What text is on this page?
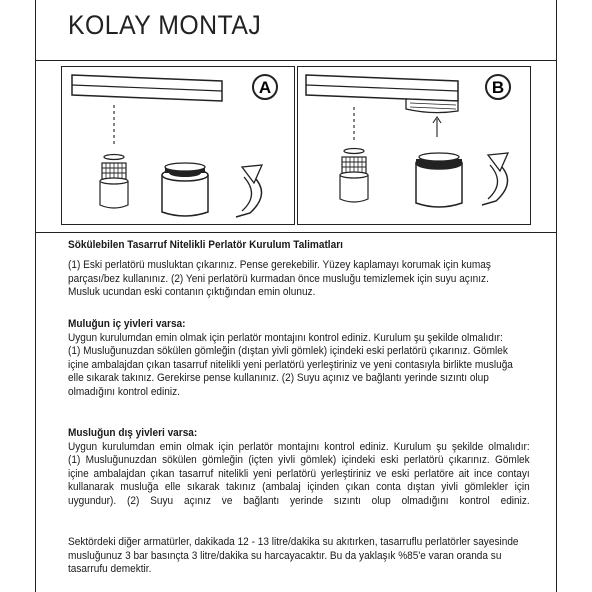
KOLAY MONTAJ
A	B
Sökülebilen Tasarruf Nitelikli Perlatör Kurulum Talimatları
(1) Eski perlatörü musluktan çıkarınız. Pense gerekebilir. Yüzey kaplamayı korumak için kumaş
parçası/bez kullanınız. (2) Yeni perlatörü kurmadan önce musluğu temizlemek için suyu açınız.
Musluk ucundan eski contanın çıktığından emin olunuz.
Muluğun iç yivleri varsa:
Uygun kurulumdan emin olmak için perlatör montajını kontrol ediniz. Kurulum şu şekilde olmalıdır:
(1) Musluğunuzdan sökülen gömleğin (dıştan yivli gömlek) içindeki eski perlatörü çıkarınız. Gömlek
içine ambalajdan çıkan tasarruf nitelikli yeni perlatörü yerleştiriniz ve yeni contasıyla birlikte musluğa
elle sıkarak takınız. Gerekirse pense kullanınız. (2) Suyu açınız ve bağlantı yerinde sızıntı olup
olmadığını kontrol ediniz.
Musluğun dış yivleri varsa:
Uygun kurulumdan emin olmak için perlatör montajını kontrol ediniz. Kurulum şu şekilde olmalıdır:
(1) Musluğunuzdan sökülen gömleğin (içten yivli gömlek) içindeki eski perlatörü çıkarınız. Gömlek
içine ambalajdan çıkan tasarruf nitelikli yeni perlatörü yerleştiriniz ve eski perlatöre ait ince contayı
kullanarak musluğa elle sıkarak takınız (ambalaj içinden çıkan conta dıştan yivli gömlekler için
uygundur). (2) Suyu açınız ve bağlantı yerinde sızıntı olup olmadığını kontrol ediniz.
Sektördeki diğer armatürler, dakikada 12 - 13 litre/dakika su akıtırken, tasarruflu perlatörler sayesinde
musluğunuz 3 bar basınçta 3 litre/dakika su harcayacaktır. Bu da yaklaşık %85'e varan oranda su
tasarrufu demektir.
